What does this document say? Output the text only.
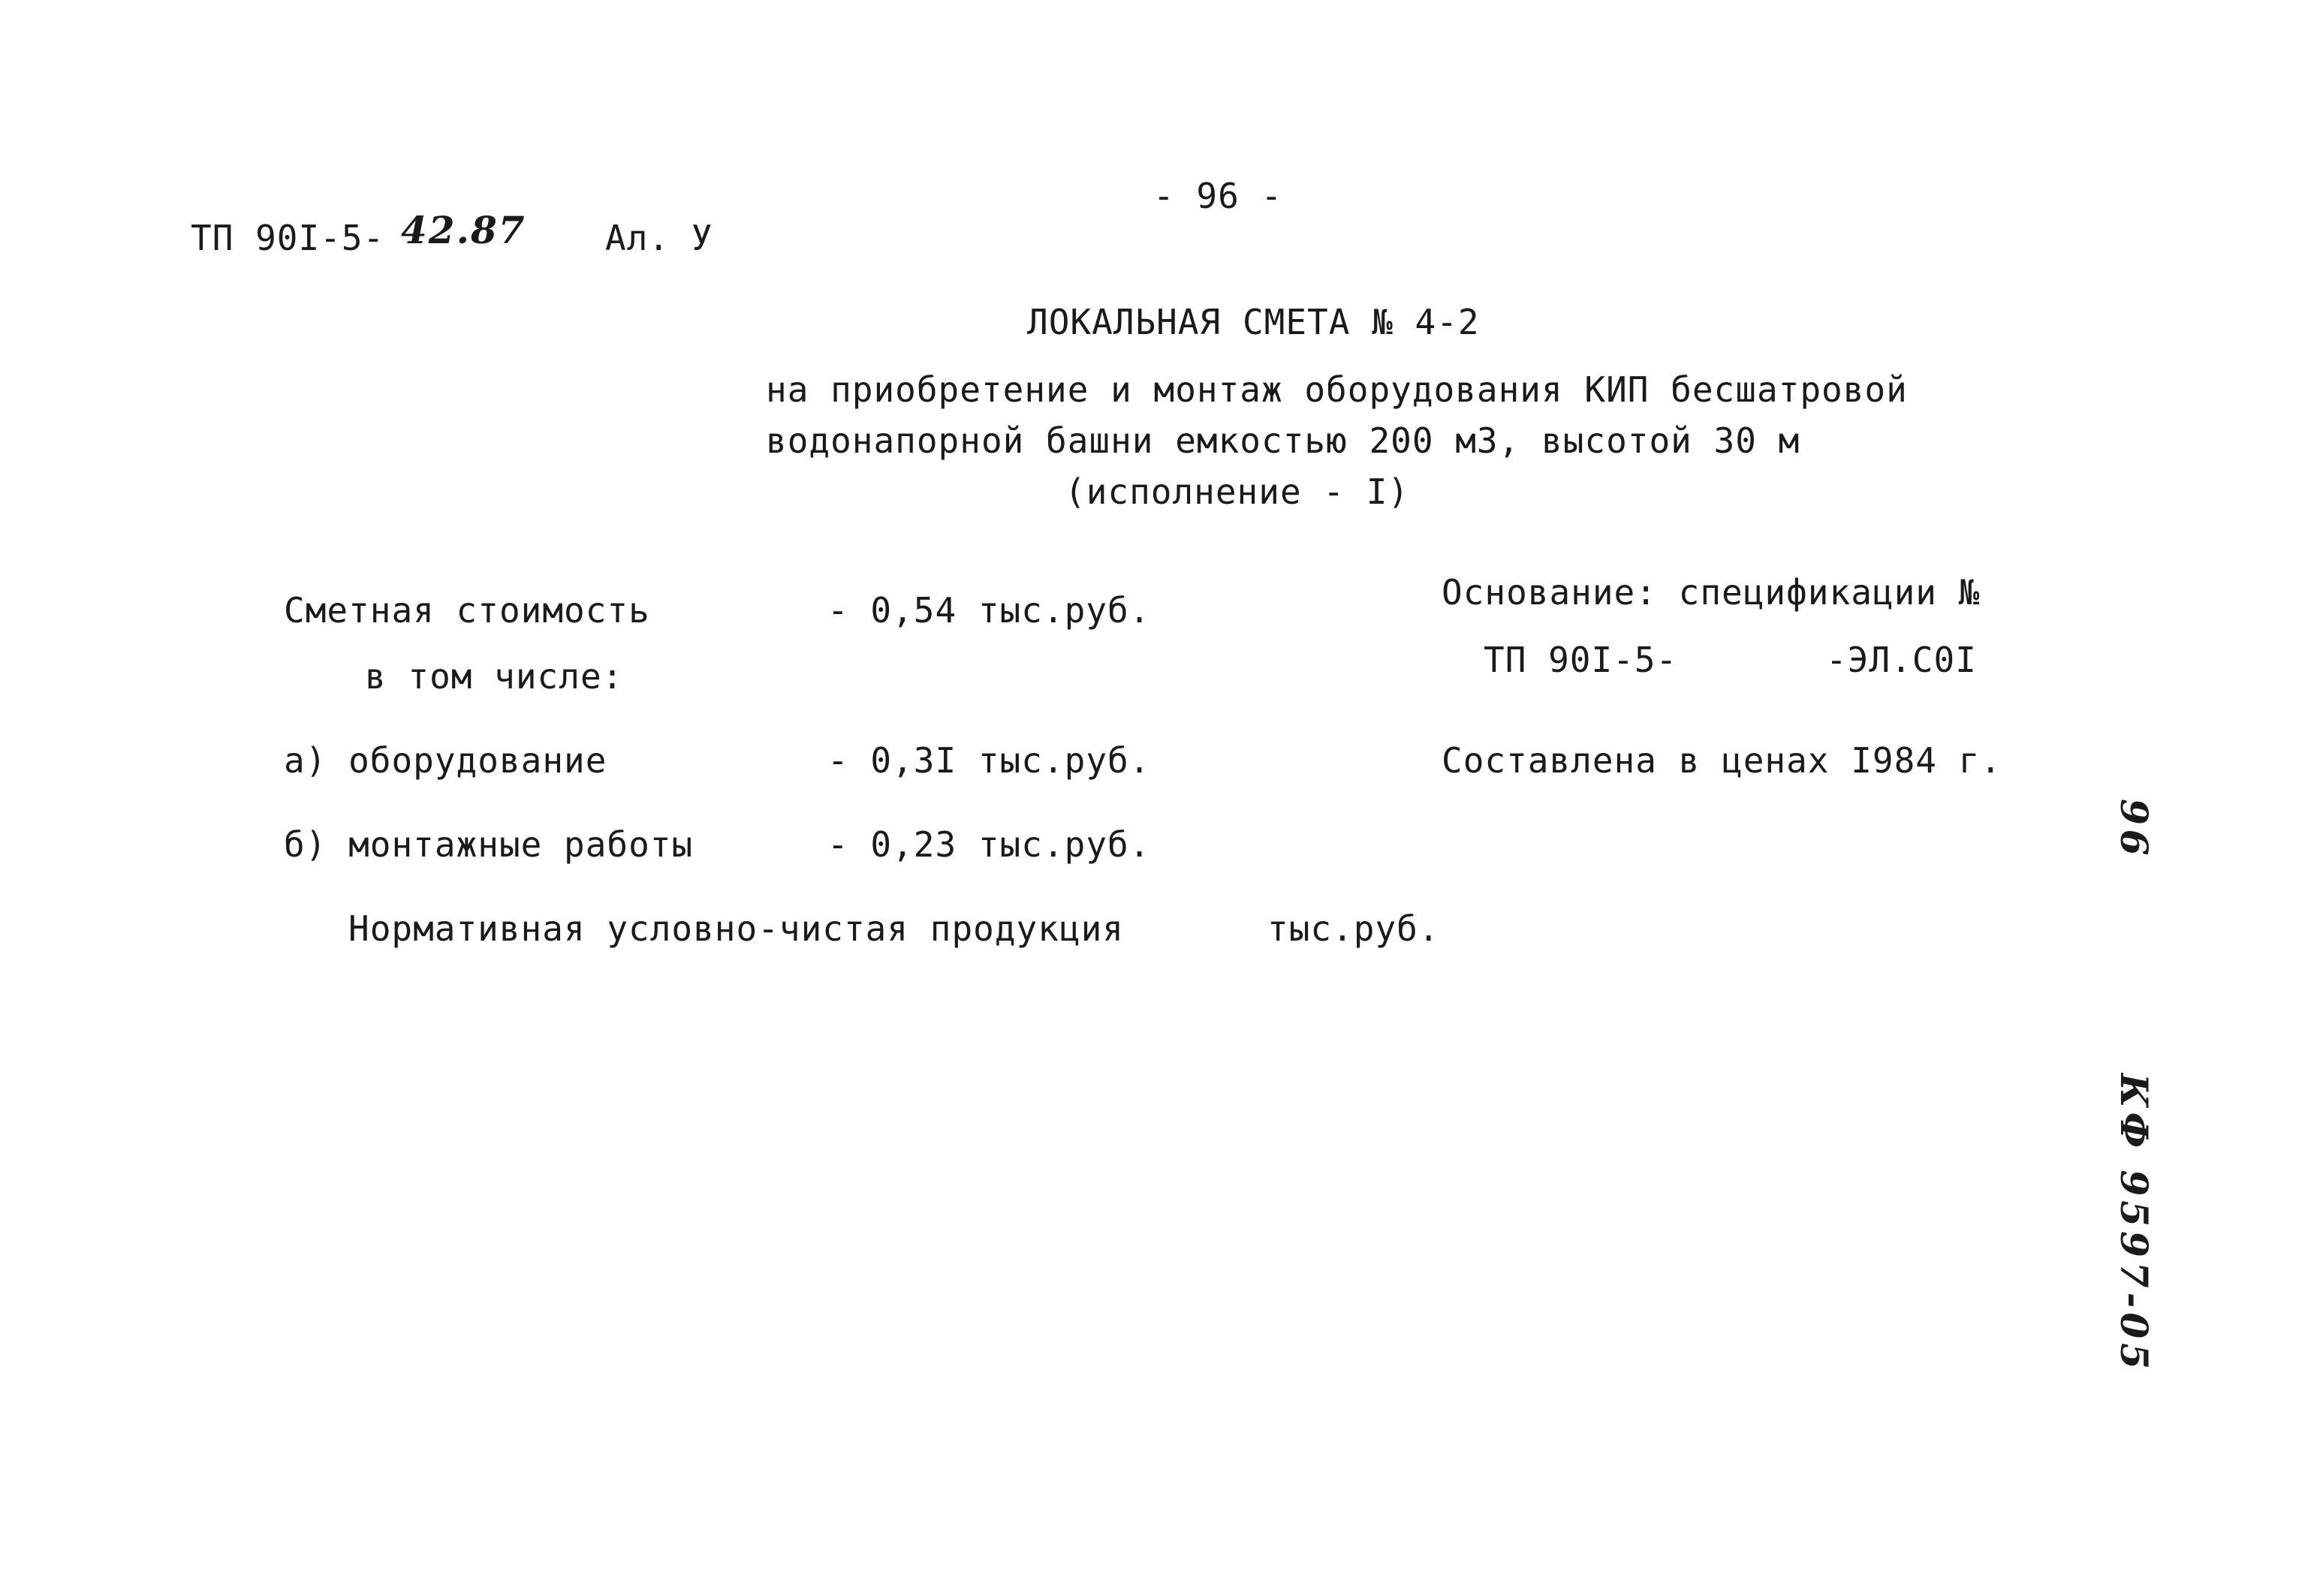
- 96 -
ТП 90I-5- 42.87 Ал. У
ЛОКАЛЬНАЯ СМЕТА № 4-2
на приобретение и монтаж оборудования КИП бесшатровой
водонапорной башни емкостью 200 м3, высотой 30 м
(исполнение - I)
Сметная стоимость	- 0,54 тыс.руб.
в том числе:
а) оборудование	- 0,3I тыс.руб.
б) монтажные работы	- 0,23 тыс.руб.
Нормативная условно-чистая продукция	тыс.руб.
Основание: спецификации №
ТП 90I-5-	-ЭЛ.С0I
Составлена в ценах I984 г.
96
КФ 9597-05
